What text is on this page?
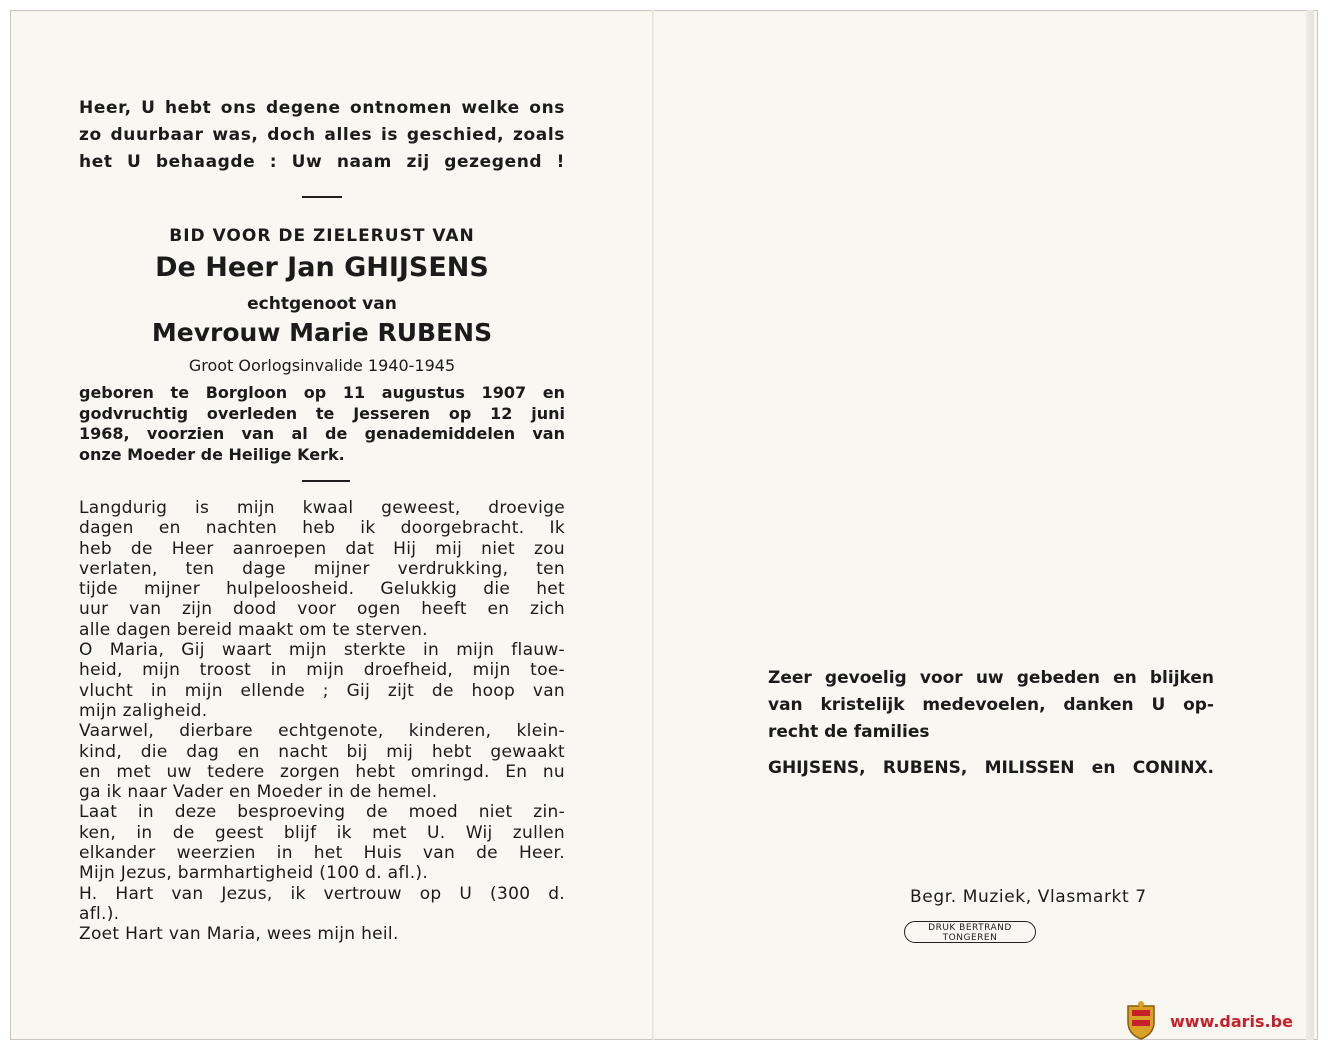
Heer, U hebt ons degene ontnomen welke ons
zo duurbaar was, doch alles is geschied, zoals
het U behaagde : Uw naam zij gezegend !
BID VOOR DE ZIELERUST VAN
De Heer Jan GHIJSENS
echtgenoot van
Mevrouw Marie RUBENS
Groot Oorlogsinvalide 1940-1945
geboren te Borgloon op 11 augustus 1907 en
godvruchtig overleden te Jesseren op 12 juni
1968, voorzien van al de genademiddelen van
onze Moeder de Heilige Kerk.
Langdurig is mijn kwaal geweest, droevige
dagen en nachten heb ik doorgebracht. Ik
heb de Heer aanroepen dat Hij mij niet zou
verlaten, ten dage mijner verdrukking, ten
tijde mijner hulpeloosheid. Gelukkig die het
uur van zijn dood voor ogen heeft en zich
alle dagen bereid maakt om te sterven.
O Maria, Gij waart mijn sterkte in mijn flauw-
heid, mijn troost in mijn droefheid, mijn toe-
vlucht in mijn ellende ; Gij zijt de hoop van
mijn zaligheid.
Vaarwel, dierbare echtgenote, kinderen, klein-
kind, die dag en nacht bij mij hebt gewaakt
en met uw tedere zorgen hebt omringd. En nu
ga ik naar Vader en Moeder in de hemel.
Laat in deze besproeving de moed niet zin-
ken, in de geest blijf ik met U. Wij zullen
elkander weerzien in het Huis van de Heer.
Mijn Jezus, barmhartigheid (100 d. afl.).
H. Hart van Jezus, ik vertrouw op U (300 d.
afl.).
Zoet Hart van Maria, wees mijn heil.
Zeer gevoelig voor uw gebeden en blijken
van kristelijk medevoelen, danken U op-
recht de families
GHIJSENS, RUBENS, MILISSEN en CONINX.
Begr. Muziek, Vlasmarkt 7
DRUK BERTRAND
TONGEREN
www.daris.be
